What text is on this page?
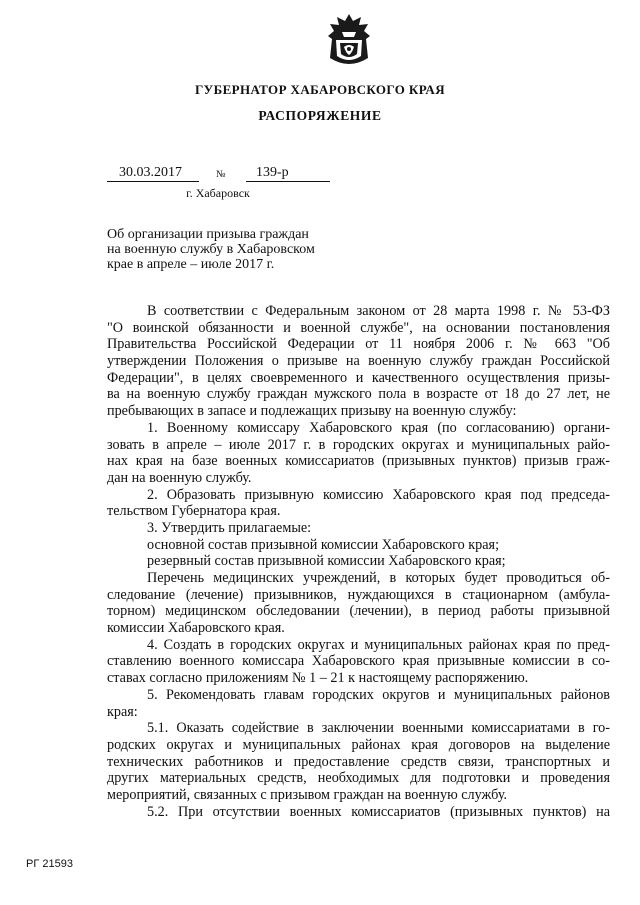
ГУБЕРНАТОР ХАБАРОВСКОГО КРАЯ
РАСПОРЯЖЕНИЕ
30.03.2017	№	139-р
г. Хабаровск
Об организации призыва граждан
на военную службу в Хабаровском
крае в апреле – июле 2017 г.
В соответствии с Федеральным законом от 28 марта 1998 г. № 53-ФЗ
"О воинской обязанности и военной службе", на основании постановления
Правительства Российской Федерации от 11 ноября 2006 г. № 663 "Об
утверждении Положения о призыве на военную службу граждан Российской
Федерации", в целях своевременного и качественного осуществления призы-
ва на военную службу граждан мужского пола в возрасте от 18 до 27 лет, не
пребывающих в запасе и подлежащих призыву на военную службу:
1. Военному комиссару Хабаровского края (по согласованию) органи-
зовать в апреле – июле 2017 г. в городских округах и муниципальных райо-
нах края на базе военных комиссариатов (призывных пунктов) призыв граж-
дан на военную службу.
2. Образовать призывную комиссию Хабаровского края под председа-
тельством Губернатора края.
3. Утвердить прилагаемые:
основной состав призывной комиссии Хабаровского края;
резервный состав призывной комиссии Хабаровского края;
Перечень медицинских учреждений, в которых будет проводиться об-
следование (лечение) призывников, нуждающихся в стационарном (амбула-
торном) медицинском обследовании (лечении), в период работы призывной
комиссии Хабаровского края.
4. Создать в городских округах и муниципальных районах края по пред-
ставлению военного комиссара Хабаровского края призывные комиссии в со-
ставах согласно приложениям № 1 – 21 к настоящему распоряжению.
5. Рекомендовать главам городских округов и муниципальных районов
края:
5.1. Оказать содействие в заключении военными комиссариатами в го-
родских округах и муниципальных районах края договоров на выделение
технических работников и предоставление средств связи, транспортных и
других материальных средств, необходимых для подготовки и проведения
мероприятий, связанных с призывом граждан на военную службу.
5.2. При отсутствии военных комиссариатов (призывных пунктов) на
РГ 21593
